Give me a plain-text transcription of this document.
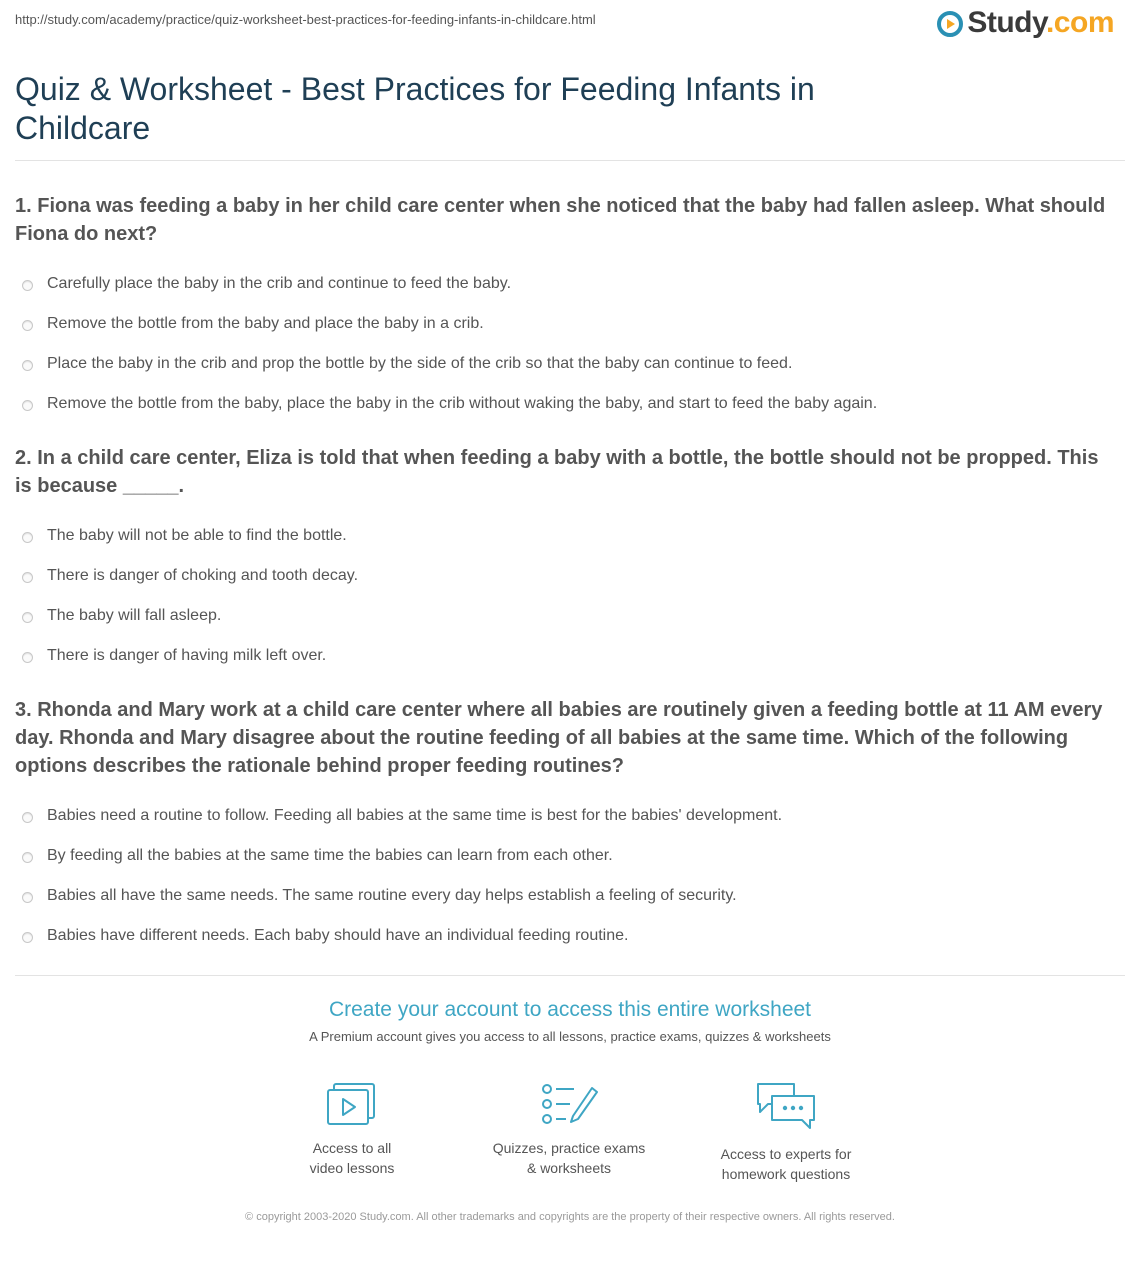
http://study.com/academy/practice/quiz-worksheet-best-practices-for-feeding-infants-in-childcare.html	Study.com
Quiz & Worksheet - Best Practices for Feeding Infants in Childcare

1. Fiona was feeding a baby in her child care center when she noticed that the baby had fallen asleep. What should Fiona do next?

Carefully place the baby in the crib and continue to feed the baby.
Remove the bottle from the baby and place the baby in a crib.
Place the baby in the crib and prop the bottle by the side of the crib so that the baby can continue to feed.
Remove the bottle from the baby, place the baby in the crib without waking the baby, and start to feed the baby again.

2. In a child care center, Eliza is told that when feeding a baby with a bottle, the bottle should not be propped. This is because _____.

The baby will not be able to find the bottle.
There is danger of choking and tooth decay.
The baby will fall asleep.
There is danger of having milk left over.

3. Rhonda and Mary work at a child care center where all babies are routinely given a feeding bottle at 11 AM every day. Rhonda and Mary disagree about the routine feeding of all babies at the same time. Which of the following options describes the rationale behind proper feeding routines?

Babies need a routine to follow. Feeding all babies at the same time is best for the babies' development.
By feeding all the babies at the same time the babies can learn from each other.
Babies all have the same needs. The same routine every day helps establish a feeling of security.
Babies have different needs. Each baby should have an individual feeding routine.
Create your account to access this entire worksheet
A Premium account gives you access to all lessons, practice exams, quizzes & worksheets
Access to all
video lessons
Quizzes, practice exams
& worksheets
Access to experts for
homework questions
© copyright 2003-2020 Study.com. All other trademarks and copyrights are the property of their respective owners. All rights reserved.
